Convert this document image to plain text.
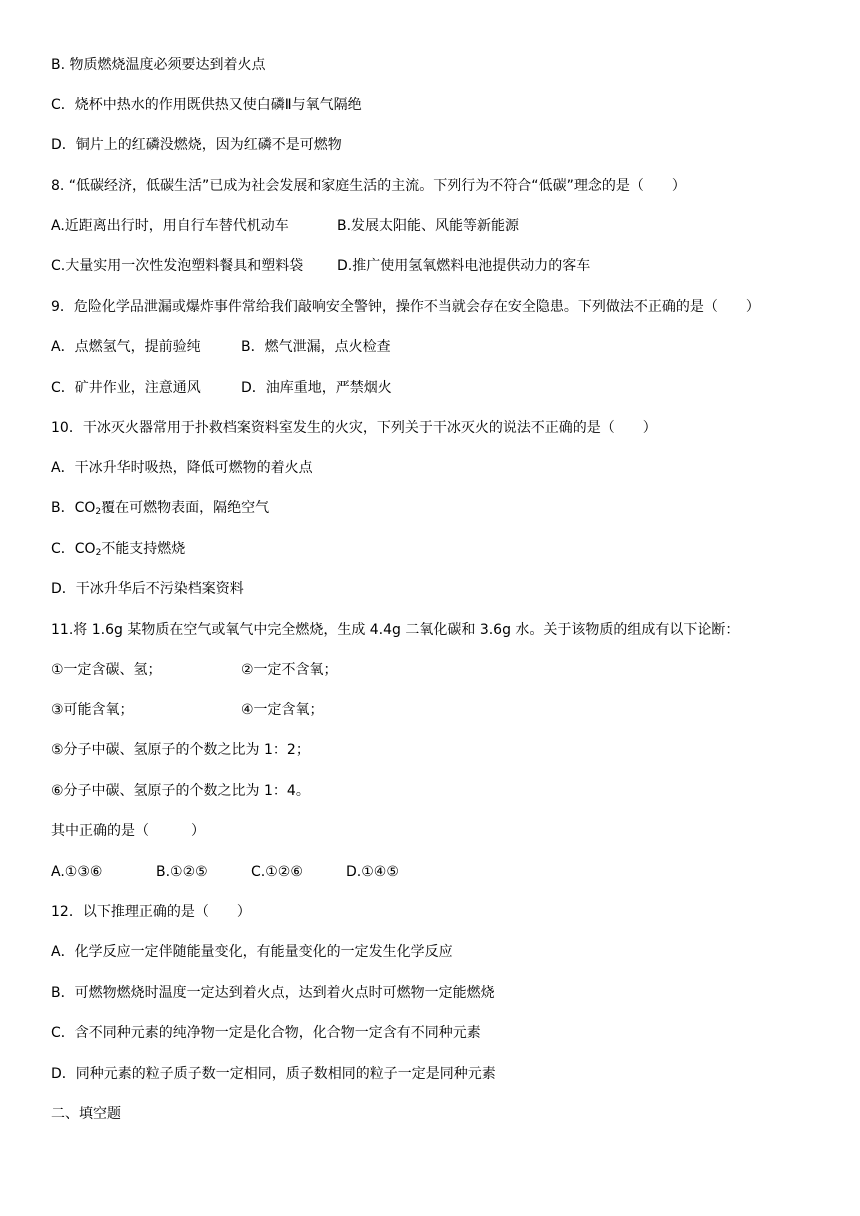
B. 物质燃烧温度必须要达到着火点

C．烧杯中热水的作用既供热又使白磷Ⅱ与氧气隔绝

D．铜片上的红磷没燃烧，因为红磷不是可燃物

8. “低碳经济，低碳生活”已成为社会发展和家庭生活的主流。下列行为不符合“低碳”理念的是（　　）

A.近距离出行时，用自行车替代机动车	B.发展太阳能、风能等新能源

C.大量实用一次性发泡塑料餐具和塑料袋 D.推广使用氢氧燃料电池提供动力的客车

9．危险化学品泄漏或爆炸事件常给我们敲响安全警钟，操作不当就会存在安全隐患。下列做法不正确的是（　　）

A．点燃氢气，提前验纯	B．燃气泄漏，点火检查

C．矿井作业，注意通风	D．油库重地，严禁烟火

10．干冰灭火器常用于扑救档案资料室发生的火灾，下列关于干冰灭火的说法不正确的是（　　）

A．干冰升华时吸热，降低可燃物的着火点

B．CO2覆在可燃物表面，隔绝空气

C．CO2不能支持燃烧

D．干冰升华后不污染档案资料

11.将 1.6g 某物质在空气或氧气中完全燃烧，生成 4.4g 二氧化碳和 3.6g 水。关于该物质的组成有以下论断：

①一定含碳、氢；	②一定不含氧；

③可能含氧；	④一定含氧；

⑤分子中碳、氢原子的个数之比为 1：2；

⑥分子中碳、氢原子的个数之比为 1：4。

其中正确的是（　　　）

A.①③⑥	B.①②⑤	C.①②⑥	D.①④⑤

12．以下推理正确的是（　　）

A．化学反应一定伴随能量变化，有能量变化的一定发生化学反应

B．可燃物燃烧时温度一定达到着火点，达到着火点时可燃物一定能燃烧

C．含不同种元素的纯净物一定是化合物，化合物一定含有不同种元素

D．同种元素的粒子质子数一定相同，质子数相同的粒子一定是同种元素

二、填空题
